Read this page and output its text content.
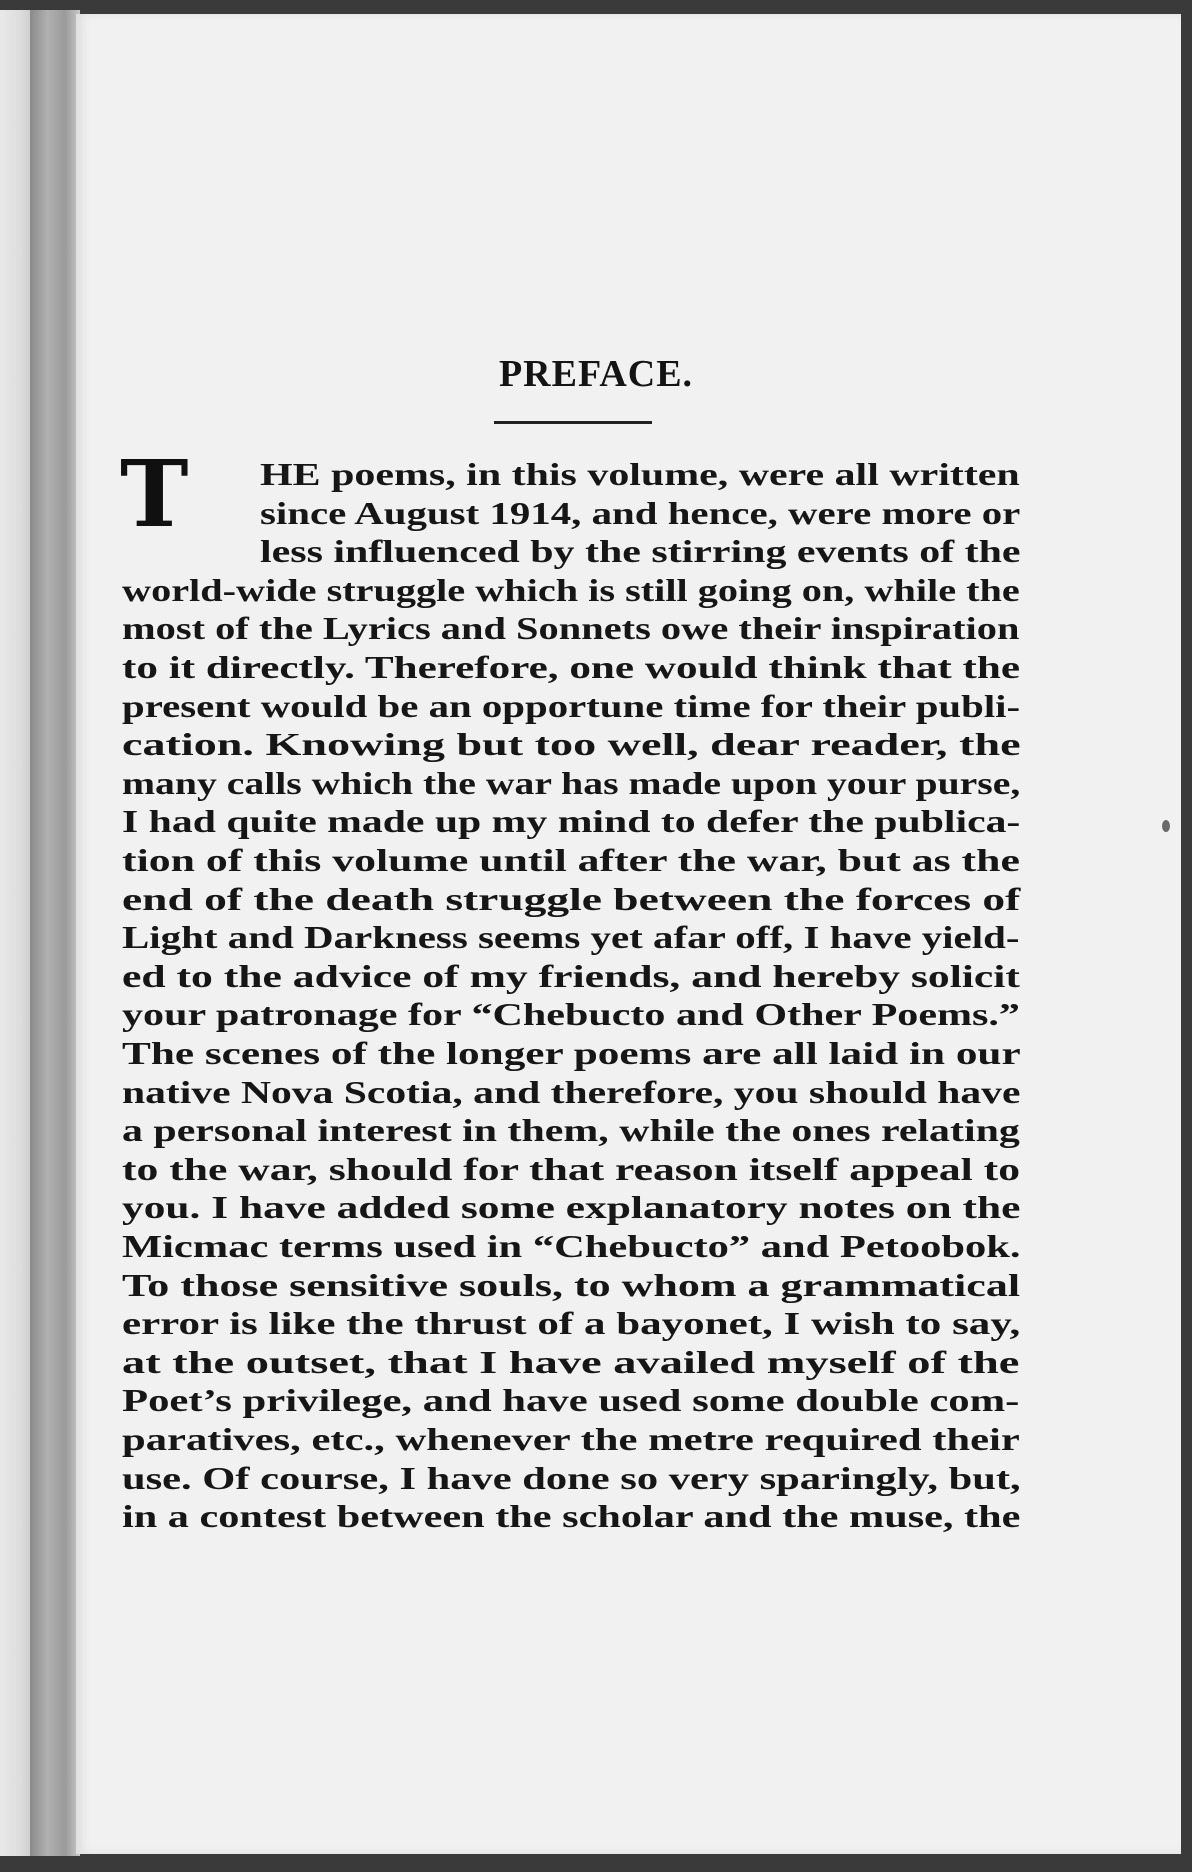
PREFACE.
T HE poems, in this volume, were all written

since August 1914, and hence, were more or

less influenced by the stirring events of the

world-wide struggle which is still going on, while the

most of the Lyrics and Sonnets owe their inspiration

to it directly. Therefore, one would think that the

present would be an opportune time for their publi-

cation. Knowing but too well, dear reader, the

many calls which the war has made upon your purse,

I had quite made up my mind to defer the publica-

tion of this volume until after the war, but as the

end of the death struggle between the forces of

Light and Darkness seems yet afar off, I have yield-

ed to the advice of my friends, and hereby solicit

your patronage for “Chebucto and Other Poems.”

The scenes of the longer poems are all laid in our

native Nova Scotia, and therefore, you should have

a personal interest in them, while the ones relating

to the war, should for that reason itself appeal to

you. I have added some explanatory notes on the

Micmac terms used in “Chebucto” and Petoobok.

To those sensitive souls, to whom a grammatical

error is like the thrust of a bayonet, I wish to say,

at the outset, that I have availed myself of the

Poet’s privilege, and have used some double com-

paratives, etc., whenever the metre required their

use. Of course, I have done so very sparingly, but,

in a contest between the scholar and the muse, the
